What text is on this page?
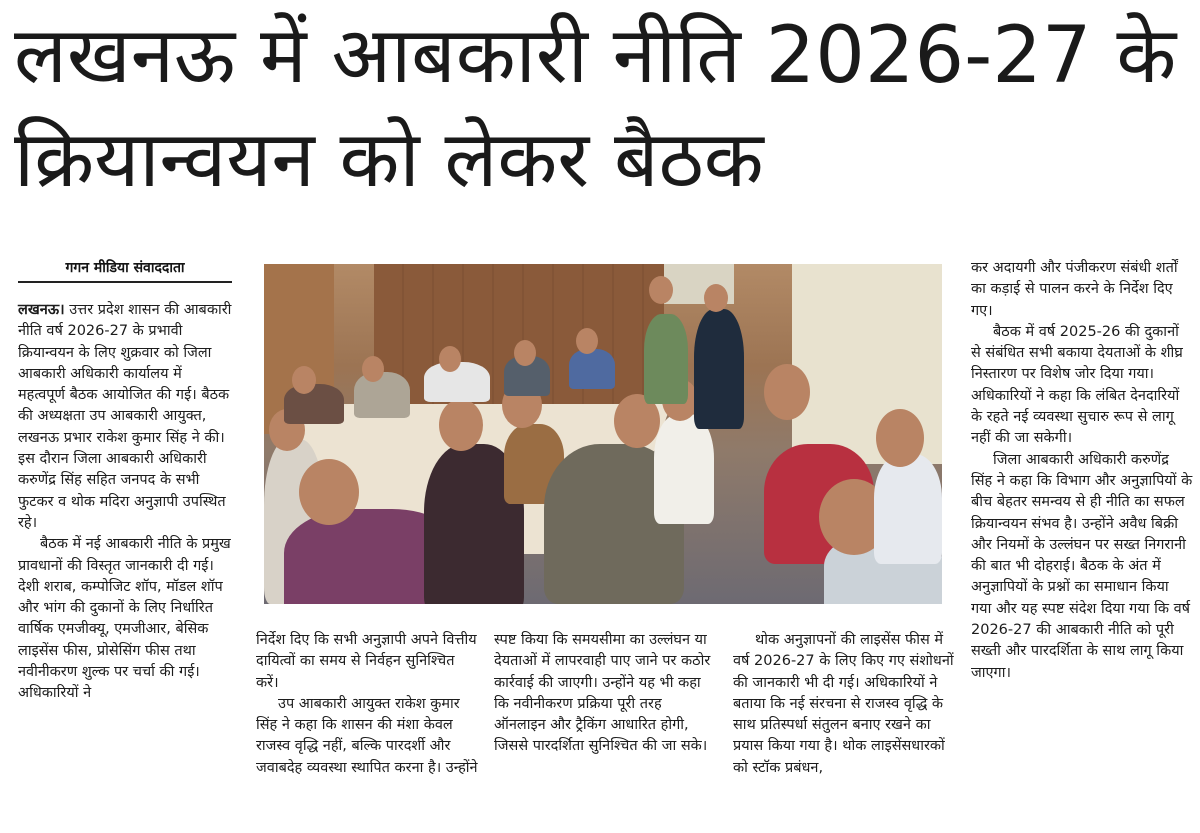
लखनऊ में आबकारी नीति 2026-27 के क्रियान्वयन को लेकर बैठक
गगन मीडिया संवाददाता

लखनऊ। उत्तर प्रदेश शासन की आबकारी नीति वर्ष 2026-27 के प्रभावी क्रियान्वयन के लिए शुक्रवार को जिला आबकारी अधिकारी कार्यालय में महत्वपूर्ण बैठक आयोजित की गई। बैठक की अध्यक्षता उप आबकारी आयुक्त, लखनऊ प्रभार राकेश कुमार सिंह ने की। इस दौरान जिला आबकारी अधिकारी करुणेंद्र सिंह सहित जनपद के सभी फुटकर व थोक मदिरा अनुज्ञापी उपस्थित रहे।

बैठक में नई आबकारी नीति के प्रमुख प्रावधानों की विस्तृत जानकारी दी गई। देशी शराब, कम्पोजिट शॉप, मॉडल शॉप और भांग की दुकानों के लिए निर्धारित वार्षिक एमजीक्यू, एमजीआर, बेसिक लाइसेंस फीस, प्रोसेसिंग फीस तथा नवीनीकरण शुल्क पर चर्चा की गई। अधिकारियों ने

निर्देश दिए कि सभी अनुज्ञापी अपने वित्तीय दायित्वों का समय से निर्वहन सुनिश्चित करें।

उप आबकारी आयुक्त राकेश कुमार सिंह ने कहा कि शासन की मंशा केवल राजस्व वृद्धि नहीं, बल्कि पारदर्शी और जवाबदेह व्यवस्था स्थापित करना है। उन्होंने

स्पष्ट किया कि समयसीमा का उल्लंघन या देयताओं में लापरवाही पाए जाने पर कठोर कार्रवाई की जाएगी। उन्होंने यह भी कहा कि नवीनीकरण प्रक्रिया पूरी तरह ऑनलाइन और ट्रैकिंग आधारित होगी, जिससे पारदर्शिता सुनिश्चित की जा सके।

थोक अनुज्ञापनों की लाइसेंस फीस में वर्ष 2026-27 के लिए किए गए संशोधनों की जानकारी भी दी गई। अधिकारियों ने बताया कि नई संरचना से राजस्व वृद्धि के साथ प्रतिस्पर्धा संतुलन बनाए रखने का प्रयास किया गया है। थोक लाइसेंसधारकों को स्टॉक प्रबंधन,

कर अदायगी और पंजीकरण संबंधी शर्तों का कड़ाई से पालन करने के निर्देश दिए गए।

बैठक में वर्ष 2025-26 की दुकानों से संबंधित सभी बकाया देयताओं के शीघ्र निस्तारण पर विशेष जोर दिया गया। अधिकारियों ने कहा कि लंबित देनदारियों के रहते नई व्यवस्था सुचारु रूप से लागू नहीं की जा सकेगी।

जिला आबकारी अधिकारी करुणेंद्र सिंह ने कहा कि विभाग और अनुज्ञापियों के बीच बेहतर समन्वय से ही नीति का सफल क्रियान्वयन संभव है। उन्होंने अवैध बिक्री और नियमों के उल्लंघन पर सख्त निगरानी की बात भी दोहराई। बैठक के अंत में अनुज्ञापियों के प्रश्नों का समाधान किया गया और यह स्पष्ट संदेश दिया गया कि वर्ष 2026-27 की आबकारी नीति को पूरी सख्ती और पारदर्शिता के साथ लागू किया जाएगा।
